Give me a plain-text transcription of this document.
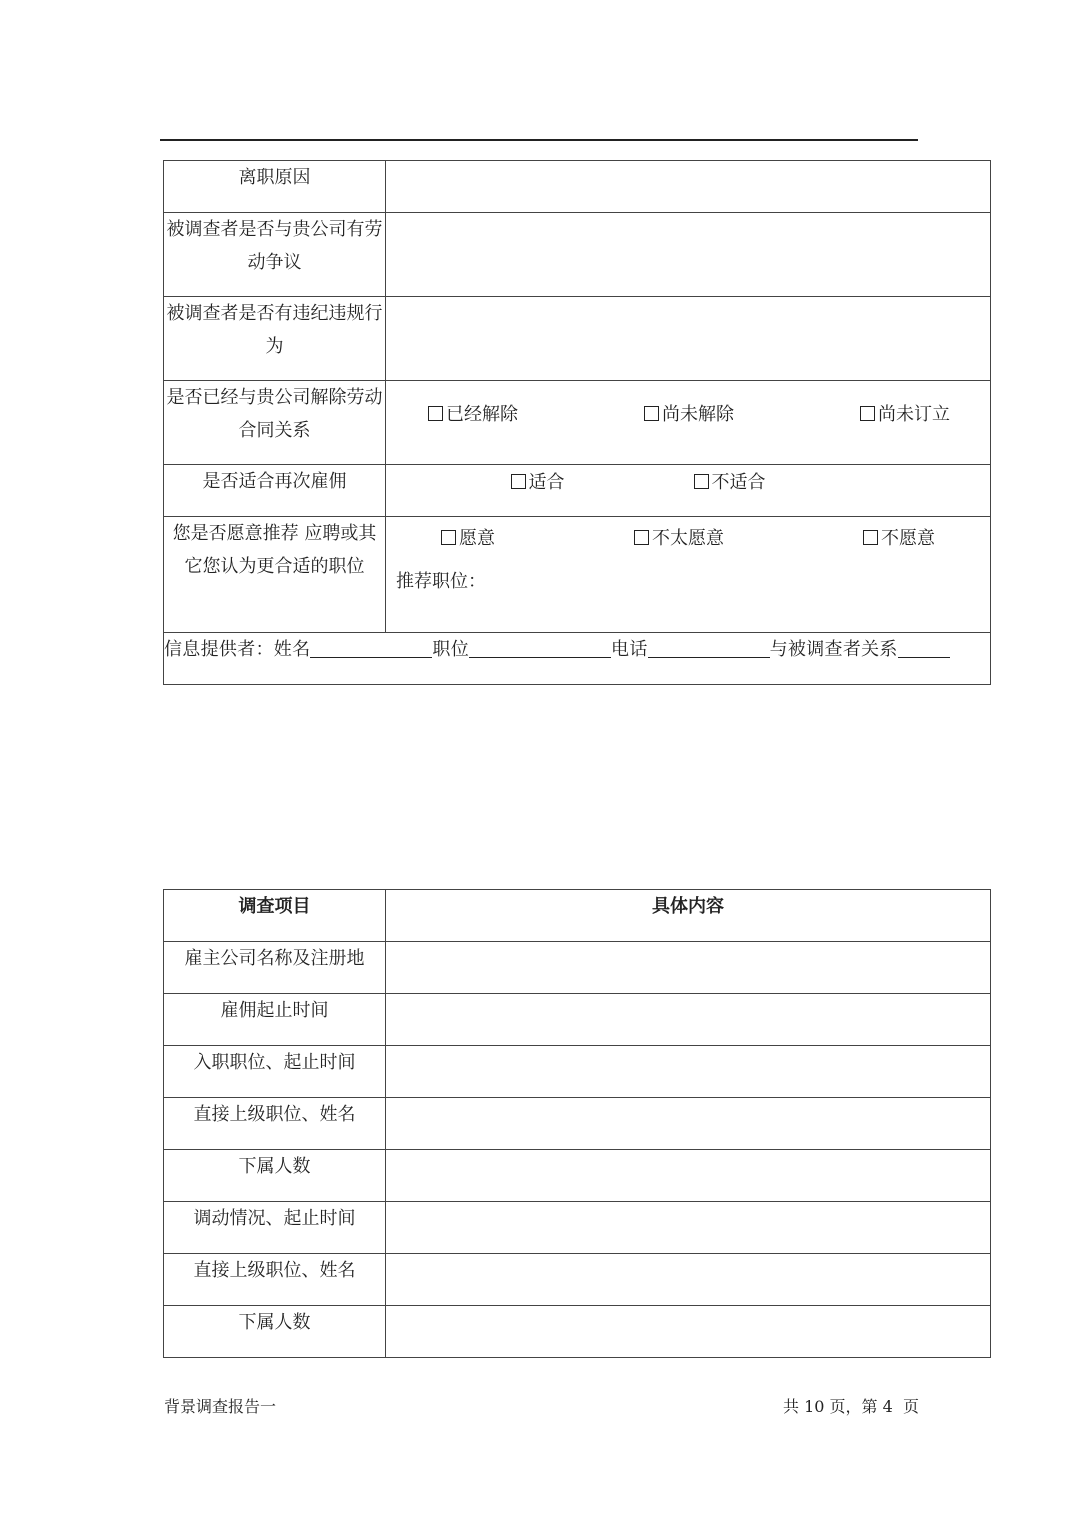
离职原因	
被调查者是否与贵公司有劳动争议	
被调查者是否有违纪违规行为	
是否已经与贵公司解除劳动合同关系	已经解除 尚未解除 尚未订立

是否适合再次雇佣	适合 不适合

您是否愿意推荐 应聘或其它您认为更合适的职位	愿意 不太愿意 不愿意
推荐职位：

信息提供者：姓名 职位 电话 与被调查者关系	
调查项目	具体内容
雇主公司名称及注册地	
雇佣起止时间	
入职职位、起止时间	
直接上级职位、姓名	
下属人数	
调动情况、起止时间	
直接上级职位、姓名	
下属人数	
背景调查报告一	共 10 页，第 4  页
